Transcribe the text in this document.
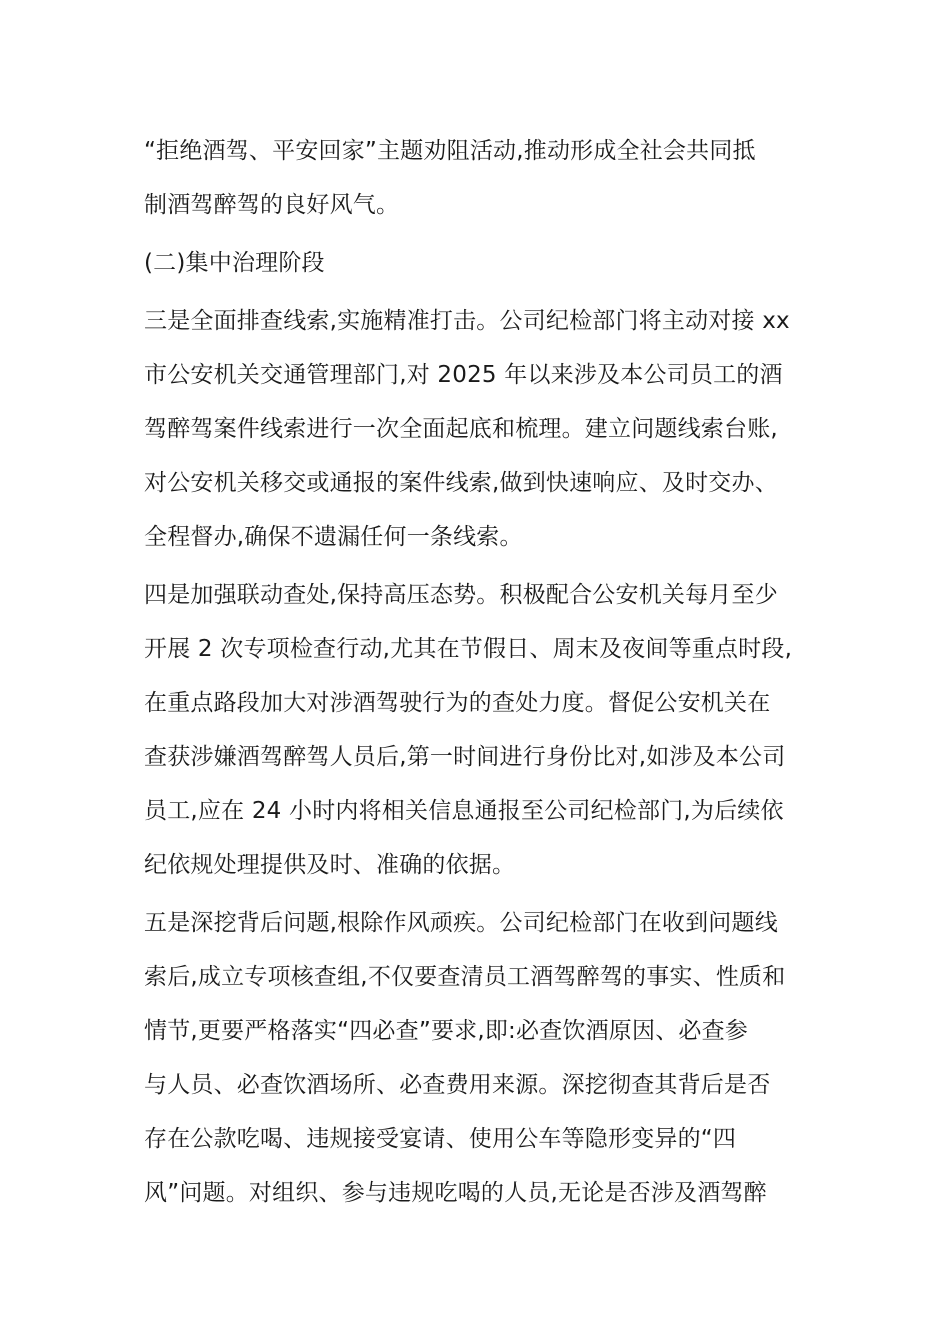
“拒绝酒驾、平安回家”主题劝阻活动,推动形成全社会共同抵
制酒驾醉驾的良好风气。
(二)集中治理阶段
三是全面排查线索,实施精准打击。公司纪检部门将主动对接 xx
市公安机关交通管理部门,对 2025 年以来涉及本公司员工的酒
驾醉驾案件线索进行一次全面起底和梳理。建立问题线索台账,
对公安机关移交或通报的案件线索,做到快速响应、及时交办、
全程督办,确保不遗漏任何一条线索。
四是加强联动查处,保持高压态势。积极配合公安机关每月至少
开展 2 次专项检查行动,尤其在节假日、周末及夜间等重点时段,
在重点路段加大对涉酒驾驶行为的查处力度。督促公安机关在
查获涉嫌酒驾醉驾人员后,第一时间进行身份比对,如涉及本公司
员工,应在 24 小时内将相关信息通报至公司纪检部门,为后续依
纪依规处理提供及时、准确的依据。
五是深挖背后问题,根除作风顽疾。公司纪检部门在收到问题线
索后,成立专项核查组,不仅要查清员工酒驾醉驾的事实、性质和
情节,更要严格落实“四必查”要求,即:必查饮酒原因、必查参
与人员、必查饮酒场所、必查费用来源。深挖彻查其背后是否
存在公款吃喝、违规接受宴请、使用公车等隐形变异的“四
风”问题。对组织、参与违规吃喝的人员,无论是否涉及酒驾醉
